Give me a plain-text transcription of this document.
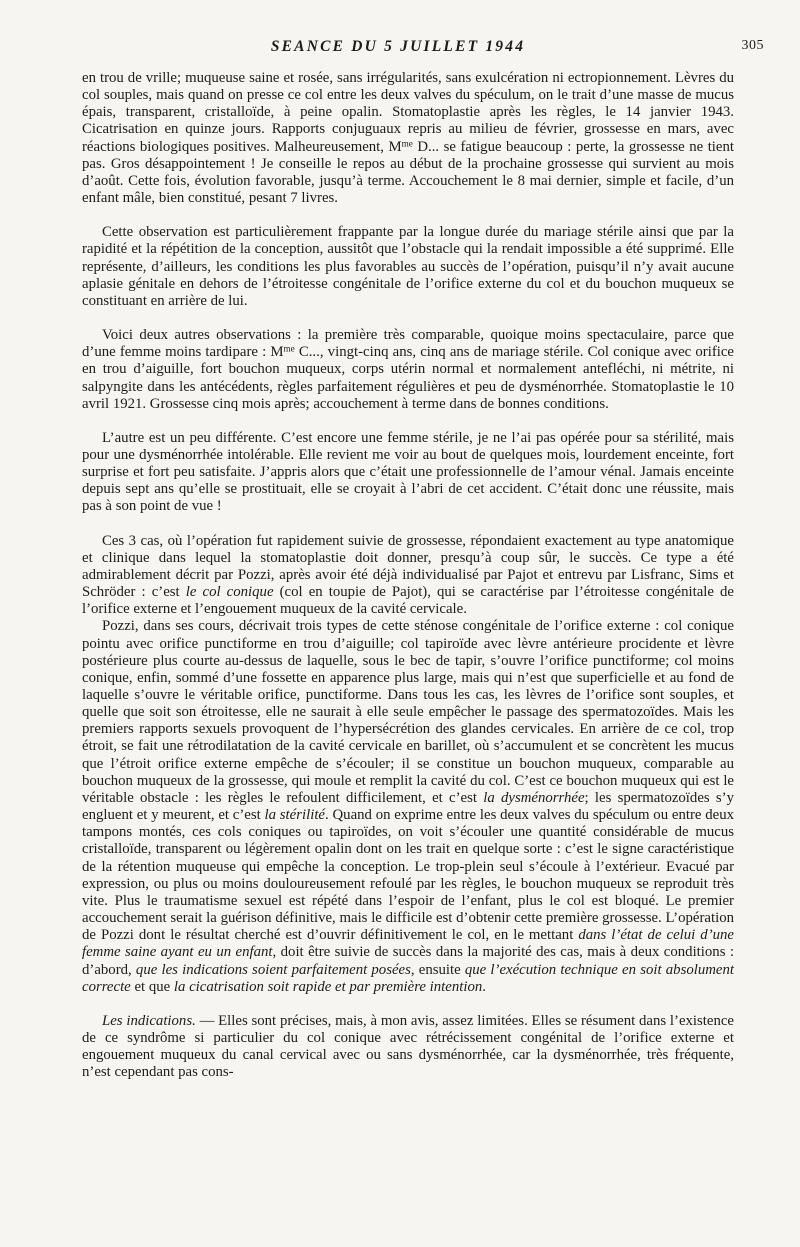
SEANCE DU 5 JUILLET 1944	305

en trou de vrille; muqueuse saine et rosée, sans irrégularités, sans exulcération ni ectropionnement. Lèvres du col souples, mais quand on presse ce col entre les deux valves du spéculum, on le trait d’une masse de mucus épais, transparent, cristalloïde, à peine opalin. Stomatoplastie après les règles, le 14 janvier 1943. Cicatrisation en quinze jours. Rapports conjuguaux repris au milieu de février, grossesse en mars, avec réactions biologiques positives. Malheureusement, $M^{me}$ D... se fatigue beaucoup : perte, la grossesse ne tient pas. Gros désappointement ! Je conseille le repos au début de la prochaine grossesse qui survient au mois d’août. Cette fois, évolution favorable, jusqu’à terme. Accouchement le 8 mai dernier, simple et facile, d’un enfant mâle, bien constitué, pesant 7 livres.

Cette observation est particulièrement frappante par la longue durée du mariage stérile ainsi que par la rapidité et la répétition de la conception, aussitôt que l’obstacle qui la rendait impossible a été supprimé. Elle représente, d’ailleurs, les conditions les plus favorables au succès de l’opération, puisqu’il n’y avait aucune aplasie génitale en dehors de l’étroitesse congénitale de l’orifice externe du col et du bouchon muqueux se constituant en arrière de lui.

Voici deux autres observations : la première très comparable, quoique moins spectaculaire, parce que d’une femme moins tardipare : $M^{me}$ C..., vingt-cinq ans, cinq ans de mariage stérile. Col conique avec orifice en trou d’aiguille, fort bouchon muqueux, corps utérin normal et normalement antefléchi, ni métrite, ni salpyngite dans les antécédents, règles parfaitement régulières et peu de dysménorrhée. Stomatoplastie le 10 avril 1921. Grossesse cinq mois après; accouchement à terme dans de bonnes conditions.

L’autre est un peu différente. C’est encore une femme stérile, je ne l’ai pas opérée pour sa stérilité, mais pour une dysménorrhée intolérable. Elle revient me voir au bout de quelques mois, lourdement enceinte, fort surprise et fort peu satisfaite. J’appris alors que c’était une professionnelle de l’amour vénal. Jamais enceinte depuis sept ans qu’elle se prostituait, elle se croyait à l’abri de cet accident. C’était donc une réussite, mais pas à son point de vue !

Ces 3 cas, où l’opération fut rapidement suivie de grossesse, répondaient exactement au type anatomique et clinique dans lequel la stomatoplastie doit donner, presqu’à coup sûr, le succès. Ce type a été admirablement décrit par Pozzi, après avoir été déjà individualisé par Pajot et entrevu par Lisfranc, Sims et Schröder : c’est le col conique (col en toupie de Pajot), qui se caractérise par l’étroitesse congénitale de l’orifice externe et l’engouement muqueux de la cavité cervicale.

Pozzi, dans ses cours, décrivait trois types de cette sténose congénitale de l’orifice externe : col conique pointu avec orifice punctiforme en trou d’aiguille; col tapiroïde avec lèvre antérieure procidente et lèvre postérieure plus courte au-dessus de laquelle, sous le bec de tapir, s’ouvre l’orifice punctiforme; col moins conique, enfin, sommé d’une fossette en apparence plus large, mais qui n’est que superficielle et au fond de laquelle s’ouvre le véritable orifice, punctiforme. Dans tous les cas, les lèvres de l’orifice sont souples, et quelle que soit son étroitesse, elle ne saurait à elle seule empêcher le passage des spermatozoïdes. Mais les premiers rapports sexuels provoquent de l’hypersécrétion des glandes cervicales. En arrière de ce col, trop étroit, se fait une rétrodilatation de la cavité cervicale en barillet, où s’accumulent et se concrètent les mucus que l’étroit orifice externe empêche de s’écouler; il se constitue un bouchon muqueux, comparable au bouchon muqueux de la grossesse, qui moule et remplit la cavité du col. C’est ce bouchon muqueux qui est le véritable obstacle : les règles le refoulent difficilement, et c’est la dysménorrhée; les spermatozoïdes s’y engluent et y meurent, et c’est la stérilité. Quand on exprime entre les deux valves du spéculum ou entre deux tampons montés, ces cols coniques ou tapiroïdes, on voit s’écouler une quantité considérable de mucus cristalloïde, transparent ou légèrement opalin dont on les trait en quelque sorte : c’est le signe caractéristique de la rétention muqueuse qui empêche la conception. Le trop-plein seul s’écoule à l’extérieur. Evacué par expression, ou plus ou moins douloureusement refoulé par les règles, le bouchon muqueux se reproduit très vite. Plus le traumatisme sexuel est répété dans l’espoir de l’enfant, plus le col est bloqué. Le premier accouchement serait la guérison définitive, mais le difficile est d’obtenir cette première grossesse. L’opération de Pozzi dont le résultat cherché est d’ouvrir définitivement le col, en le mettant dans l’état de celui d’une femme saine ayant eu un enfant, doit être suivie de succès dans la majorité des cas, mais à deux conditions : d’abord, que les indications soient parfaitement posées, ensuite que l’exécution technique en soit absolument correcte et que la cicatrisation soit rapide et par première intention.

Les indications. — Elles sont précises, mais, à mon avis, assez limitées. Elles se résument dans l’existence de ce syndrôme si particulier du col conique avec rétrécissement congénital de l’orifice externe et engouement muqueux du canal cervical avec ou sans dysménorrhée, car la dysménorrhée, très fréquente, n’est cependant pas cons-
